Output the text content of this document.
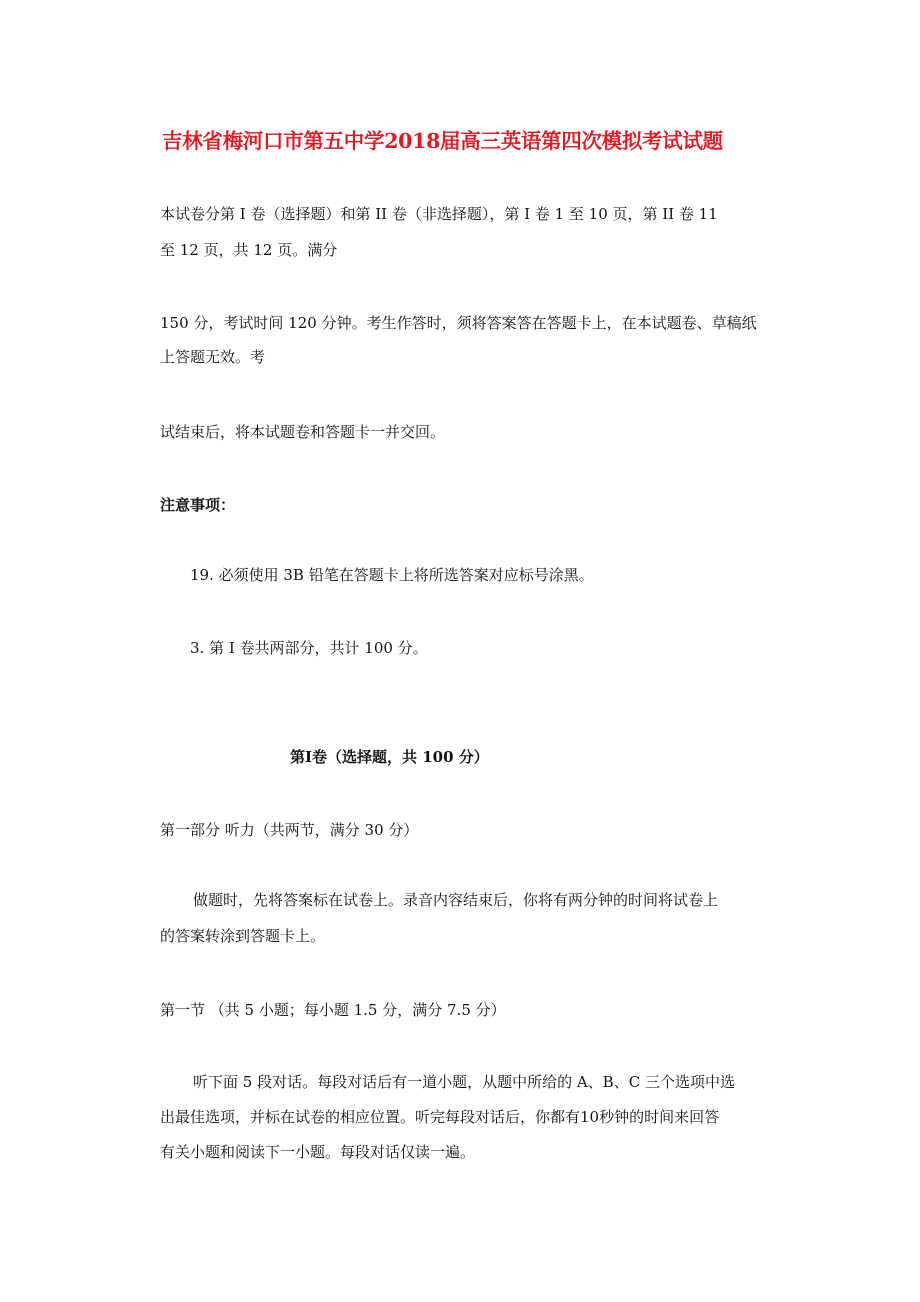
吉林省梅河口市第五中学2018届高三英语第四次模拟考试试题
本试卷分第 I 卷（选择题）和第 II 卷（非选择题），第 I 卷 1 至 10 页，第 II 卷 11
至 12 页，共 12 页。满分
150 分，考试时间 120 分钟。考生作答时，须将答案答在答题卡上，在本试题卷、草稿纸
上答题无效。考
试结束后，将本试题卷和答题卡一并交回。
注意事项：
19. 必须使用 3B 铅笔在答题卡上将所选答案对应标号涂黑。
3. 第 I 卷共两部分，共计 100 分。
第I卷（选择题，共 100 分）
第一部分 听力（共两节，满分 30 分）
做题时，先将答案标在试卷上。录音内容结束后，你将有两分钟的时间将试卷上
的答案转涂到答题卡上。
第一节 （共 5 小题；每小题 1.5 分，满分 7.5 分）
听下面 5 段对话。每段对话后有一道小题，从题中所给的 A、B、C 三个选项中选
出最佳选项，并标在试卷的相应位置。听完每段对话后，你都有10秒钟的时间来回答
有关小题和阅读下一小题。每段对话仅读一遍。
